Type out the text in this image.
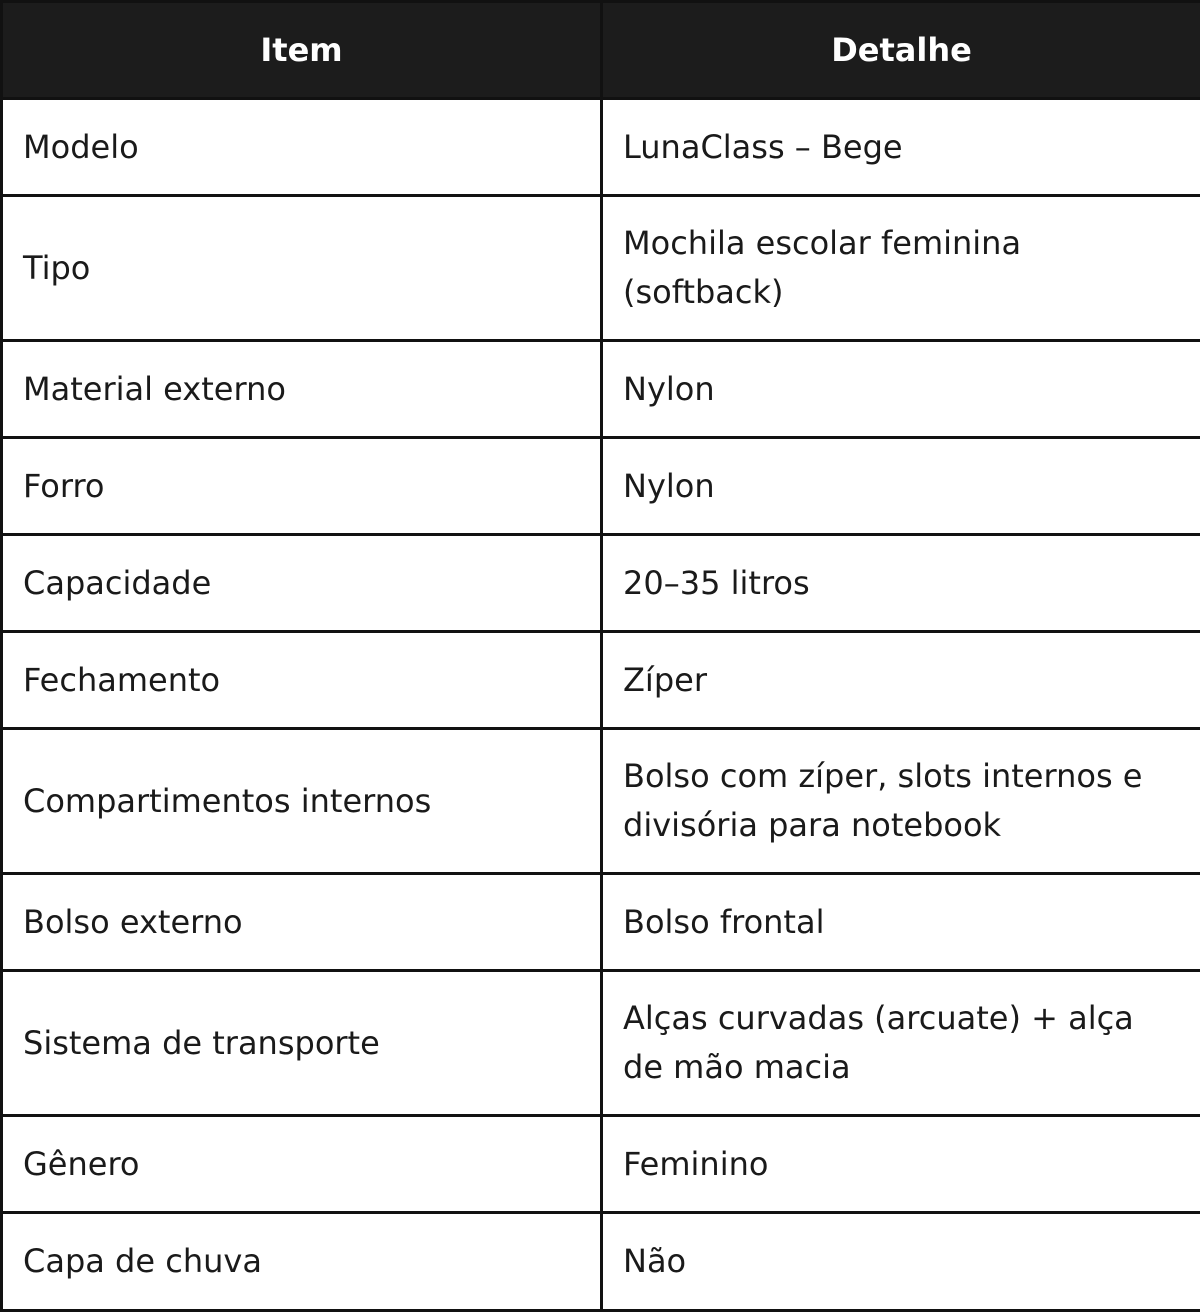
Item	Detalhe
Modelo	LunaClass – Bege
Tipo	Mochila escolar feminina (softback)
Material externo	Nylon
Forro	Nylon
Capacidade	20–35 litros
Fechamento	Zíper
Compartimentos internos	Bolso com zíper, slots internos e divisória para notebook
Bolso externo	Bolso frontal
Sistema de transporte	Alças curvadas (arcuate) + alça de mão macia
Gênero	Feminino
Capa de chuva	Não
